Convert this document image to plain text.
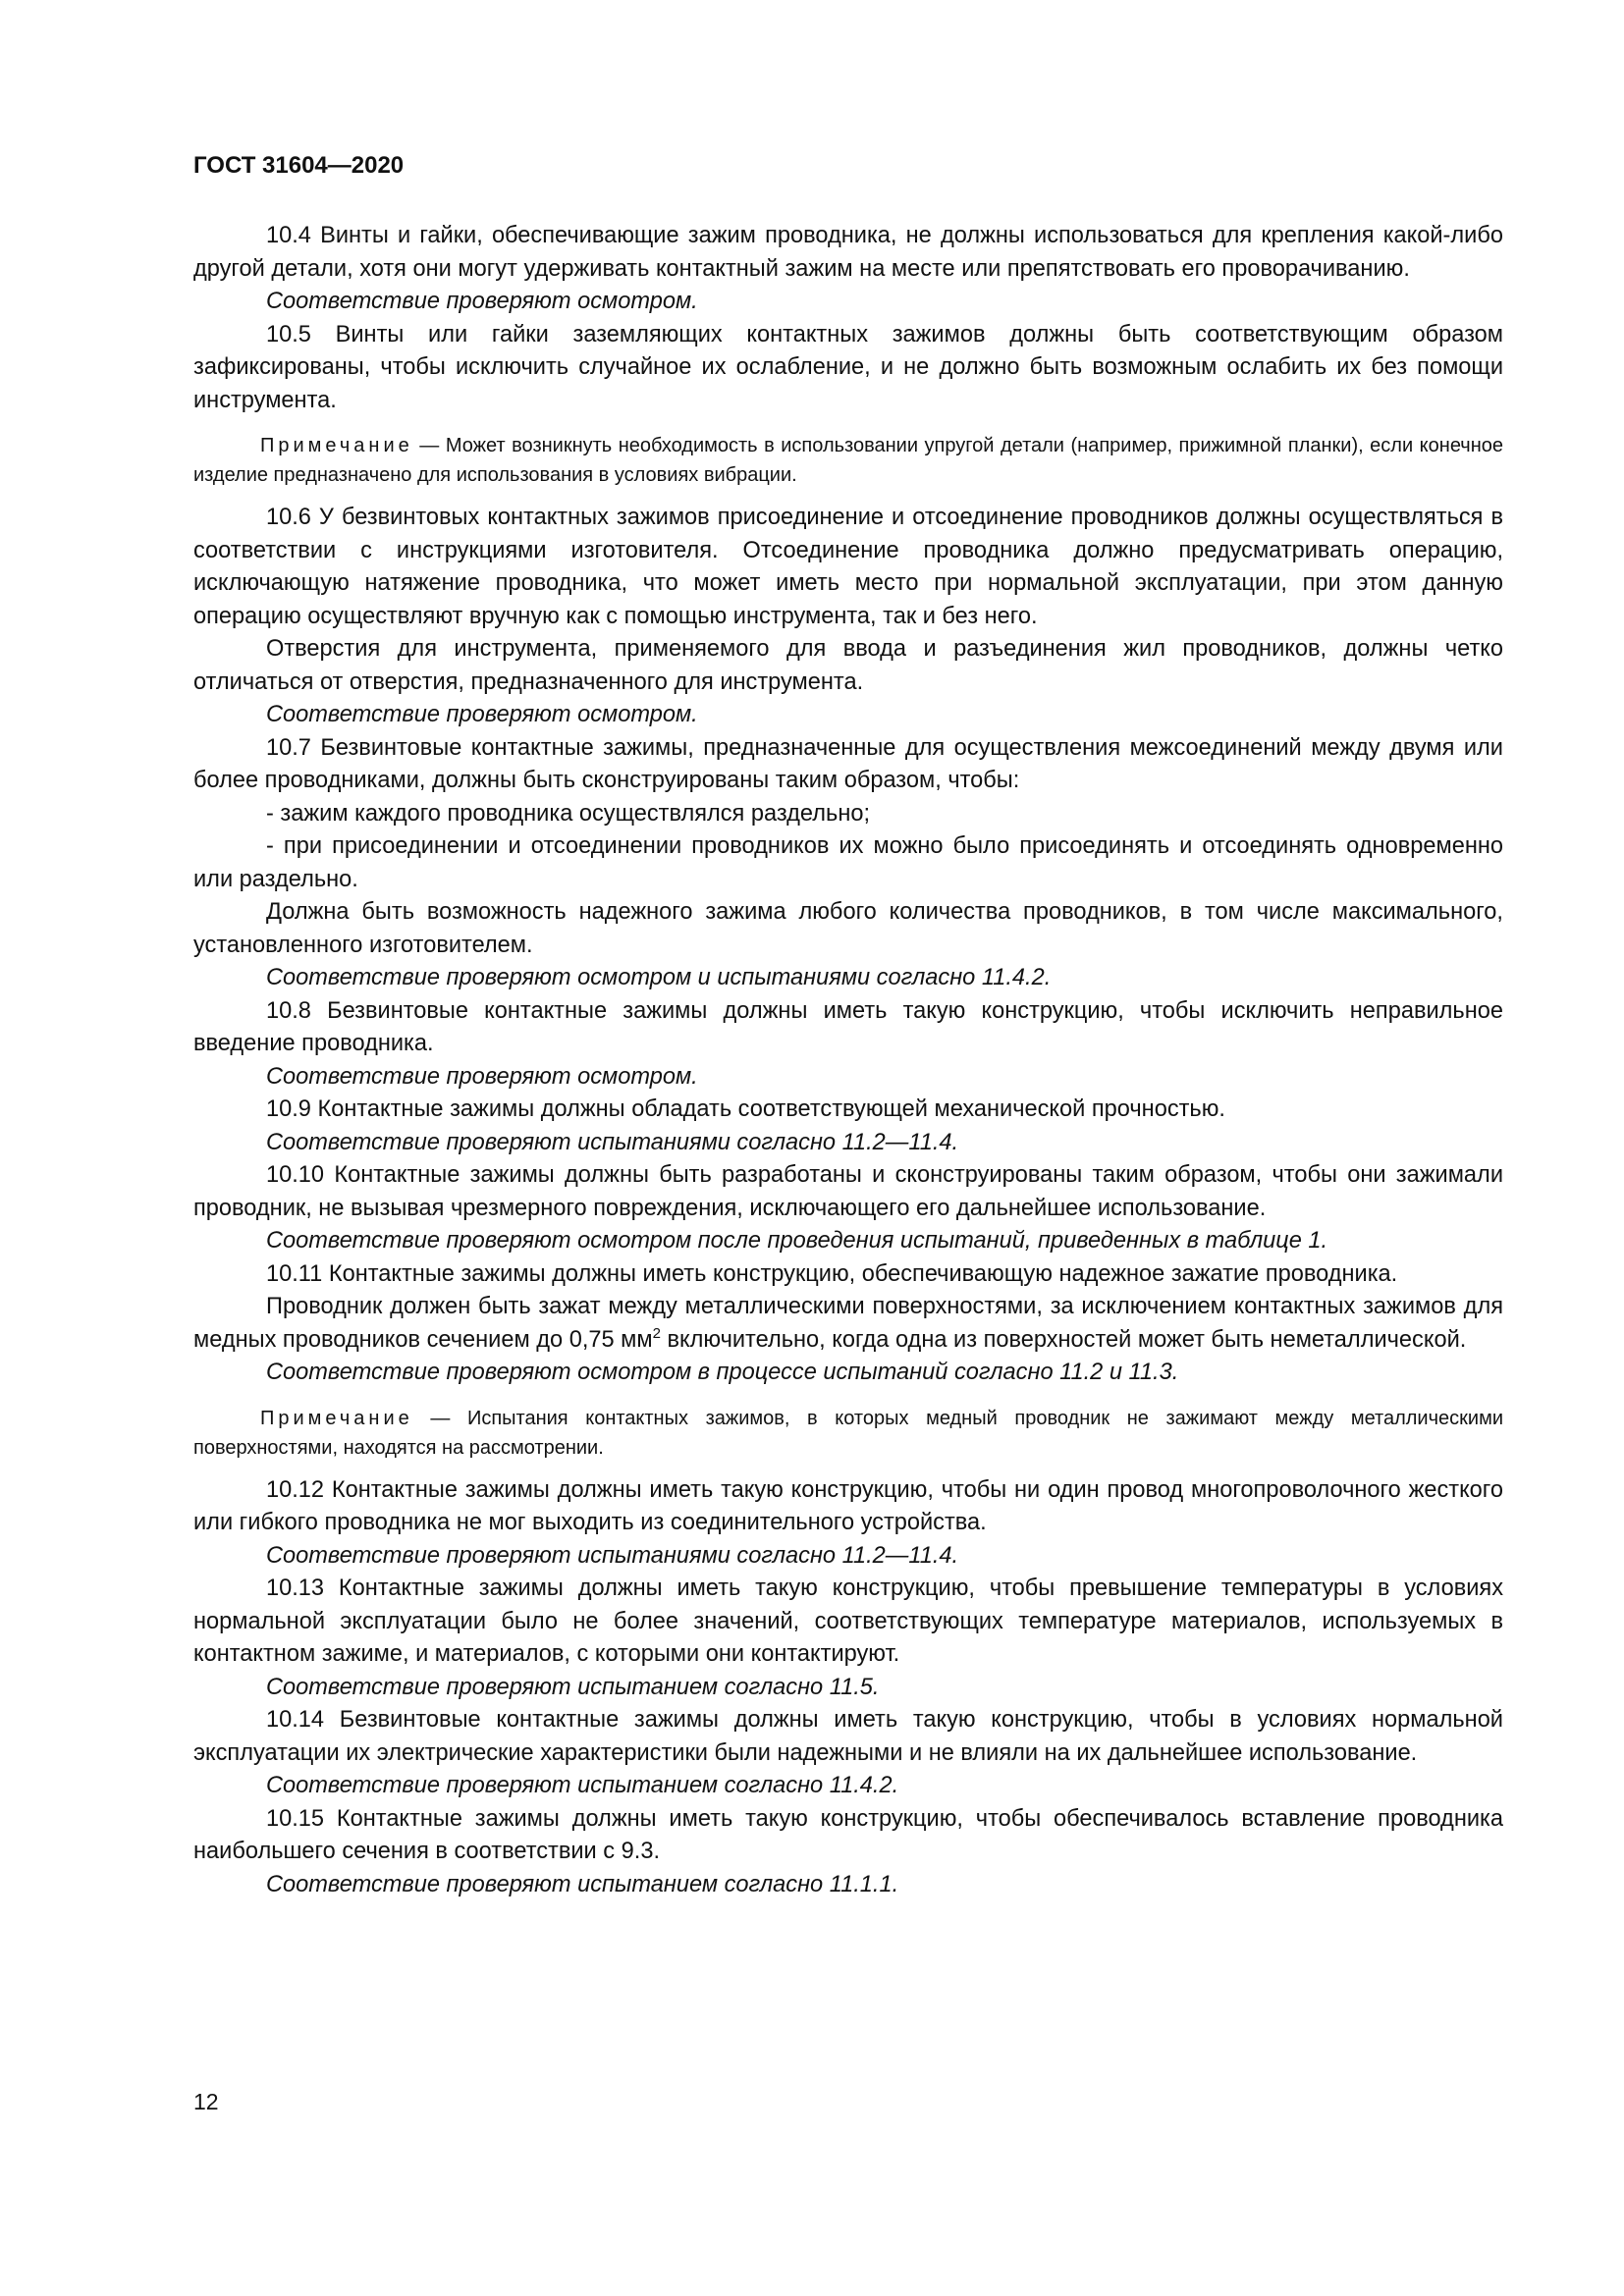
ГОСТ 31604—2020

10.4 Винты и гайки, обеспечивающие зажим проводника, не должны использоваться для крепления какой-либо другой детали, хотя они могут удерживать контактный зажим на месте или препятствовать его проворачиванию.

Соответствие проверяют осмотром.

10.5 Винты или гайки заземляющих контактных зажимов должны быть соответствующим образом зафиксированы, чтобы исключить случайное их ослабление, и не должно быть возможным ослабить их без помощи инструмента.

Примечание — Может возникнуть необходимость в использовании упругой детали (например, прижимной планки), если конечное изделие предназначено для использования в условиях вибрации.

10.6 У безвинтовых контактных зажимов присоединение и отсоединение проводников должны осуществляться в соответствии с инструкциями изготовителя. Отсоединение проводника должно предусматривать операцию, исключающую натяжение проводника, что может иметь место при нормальной эксплуатации, при этом данную операцию осуществляют вручную как с помощью инструмента, так и без него.

Отверстия для инструмента, применяемого для ввода и разъединения жил проводников, должны четко отличаться от отверстия, предназначенного для инструмента.

Соответствие проверяют осмотром.

10.7 Безвинтовые контактные зажимы, предназначенные для осуществления межсоединений между двумя или более проводниками, должны быть сконструированы таким образом, чтобы:

- зажим каждого проводника осуществлялся раздельно;

- при присоединении и отсоединении проводников их можно было присоединять и отсоединять одновременно или раздельно.

Должна быть возможность надежного зажима любого количества проводников, в том числе максимального, установленного изготовителем.

Соответствие проверяют осмотром и испытаниями согласно 11.4.2.

10.8 Безвинтовые контактные зажимы должны иметь такую конструкцию, чтобы исключить неправильное введение проводника.

Соответствие проверяют осмотром.

10.9 Контактные зажимы должны обладать соответствующей механической прочностью.

Соответствие проверяют испытаниями согласно 11.2—11.4.

10.10 Контактные зажимы должны быть разработаны и сконструированы таким образом, чтобы они зажимали проводник, не вызывая чрезмерного повреждения, исключающего его дальнейшее использование.

Соответствие проверяют осмотром после проведения испытаний, приведенных в таблице 1.

10.11 Контактные зажимы должны иметь конструкцию, обеспечивающую надежное зажатие проводника.

Проводник должен быть зажат между металлическими поверхностями, за исключением контактных зажимов для медных проводников сечением до 0,75 $мм^2$ включительно, когда одна из поверхностей может быть неметаллической.

Соответствие проверяют осмотром в процессе испытаний согласно 11.2 и 11.3.

Примечание — Испытания контактных зажимов, в которых медный проводник не зажимают между металлическими поверхностями, находятся на рассмотрении.

10.12 Контактные зажимы должны иметь такую конструкцию, чтобы ни один провод многопроволочного жесткого или гибкого проводника не мог выходить из соединительного устройства.

Соответствие проверяют испытаниями согласно 11.2—11.4.

10.13 Контактные зажимы должны иметь такую конструкцию, чтобы превышение температуры в условиях нормальной эксплуатации было не более значений, соответствующих температуре материалов, используемых в контактном зажиме, и материалов, с которыми они контактируют.

Соответствие проверяют испытанием согласно 11.5.

10.14 Безвинтовые контактные зажимы должны иметь такую конструкцию, чтобы в условиях нормальной эксплуатации их электрические характеристики были надежными и не влияли на их дальнейшее использование.

Соответствие проверяют испытанием согласно 11.4.2.

10.15 Контактные зажимы должны иметь такую конструкцию, чтобы обеспечивалось вставление проводника наибольшего сечения в соответствии с 9.3.

Соответствие проверяют испытанием согласно 11.1.1.

12
